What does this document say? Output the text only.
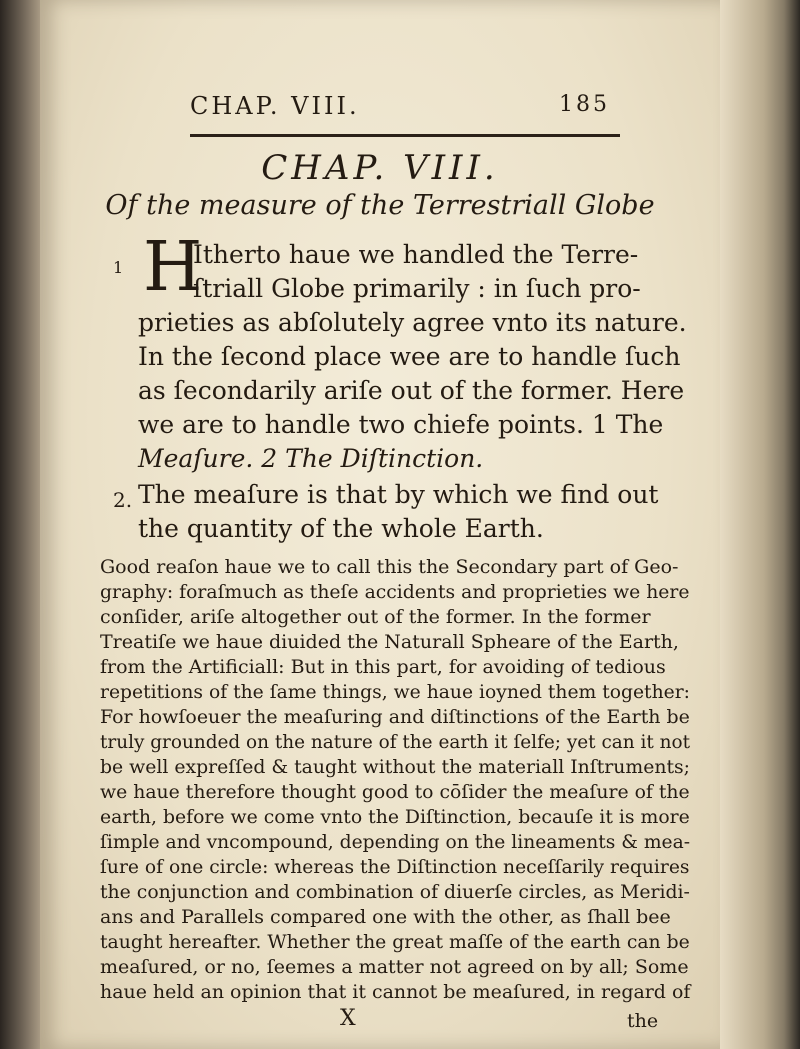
CHAP. VIII.	185
CHAP. VIII.
Of the measure of the Terrestriall Globe
1 H
Itherto haue we handled the Terre-
ſtriall Globe primarily : in ſuch pro-
prieties as abſolutely agree vnto its nature.
In the ſecond place wee are to handle ſuch
as ſecondarily ariſe out of the former. Here
we are to handle two chiefe points. 1 The
Meaſure. 2 The Diſtinction.
2. The meaſure is that by which we find out
the quantity of the whole Earth.
Good reaſon haue we to call this the Secondary part of Geo-
graphy: foraſmuch as theſe accidents and proprieties we here
conſider, ariſe altogether out of the former. In the former
Treatiſe we haue diuided the Naturall Spheare of the Earth,
from the Artificiall: But in this part, for avoiding of tedious
repetitions of the ſame things, we haue ioyned them together:
For howſoeuer the meaſuring and diſtinctions of the Earth be
truly grounded on the nature of the earth it ſelfe; yet can it not
be well expreſſed & taught without the materiall Inſtruments;
we haue therefore thought good to cōſider the meaſure of the
earth, before we come vnto the Diſtinction, becauſe it is more
ſimple and vncompound, depending on the lineaments & mea-
ſure of one circle: whereas the Diſtinction neceſſarily requires
the conjunction and combination of diuerſe circles, as Meridi-
ans and Parallels compared one with the other, as ſhall bee
taught hereafter. Whether the great maſſe of the earth can be
meaſured, or no, ſeemes a matter not agreed on by all; Some
haue held an opinion that it cannot be meaſured, in regard of
X	the
